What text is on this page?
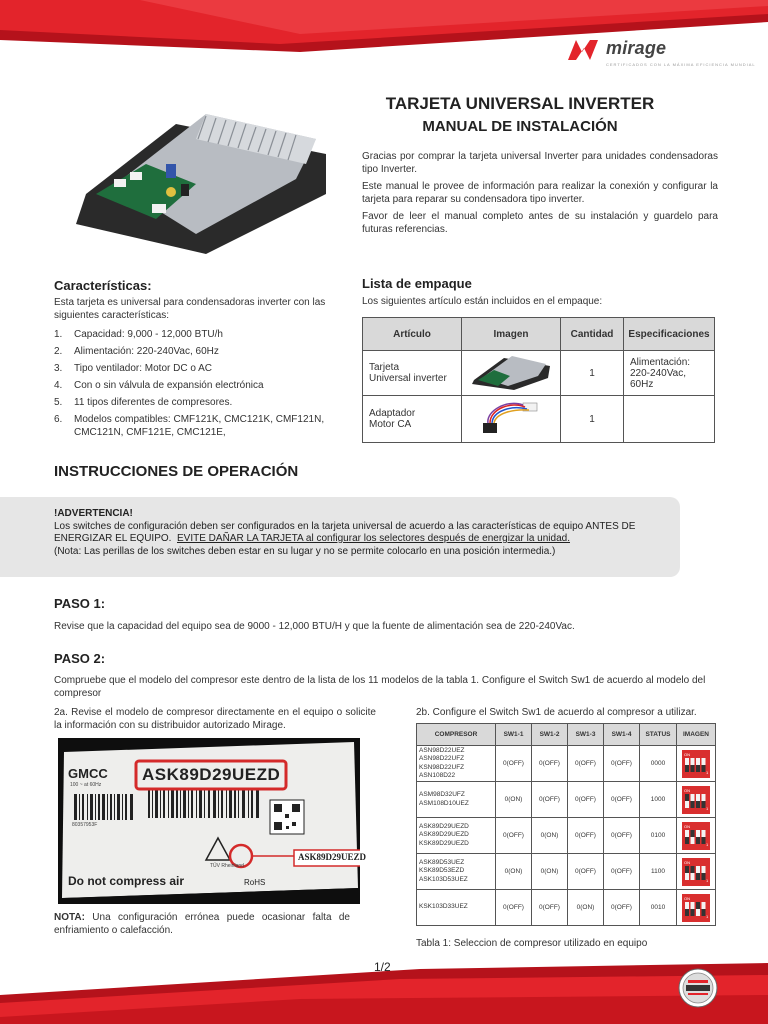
mirage
CERTIFICADOS CON LA MÁXIMA EFICIENCIA MUNDIAL
TARJETA UNIVERSAL INVERTER
MANUAL DE INSTALACIÓN

Gracias por comprar la tarjeta universal Inverter para unidades condensadoras tipo Inverter.

Este manual le provee de información para realizar la conexión y configurar la tarjeta para reparar su condensadora tipo inverter.

Favor de leer el manual completo antes de su instalación y guardelo para futuras referencias.

Características:
Esta tarjeta es universal para condensadoras inverter con las siguientes características:
1.	Capacidad: 9,000 - 12,000 BTU/h
2.	Alimentación: 220-240Vac, 60Hz
3.	Tipo ventilador: Motor DC o AC
4.	Con o sin válvula de expansión electrónica
5.	11 tipos diferentes de compresores.
6.	Modelos compatibles: CMF121K, CMC121K, CMF121N, CMC121N, CMF121E, CMC121E,
Lista de empaque
Los siguientes artículo están incluidos en el empaque:
Artículo	Imagen	Cantidad	Especificaciones
Tarjeta
Universal inverter		1	Alimentación:
220-240Vac, 60Hz
Adaptador
Motor CA		1	
INSTRUCCIONES DE OPERACIÓN
!ADVERTENCIA!
Los switches de configuración deben ser configurados en la tarjeta universal de acuerdo a las características de equipo ANTES DE
ENERGIZAR EL EQUIPO. EVITE DAÑAR LA TARJETA al configurar los selectores después de energizar la unidad.
(Nota: Las perillas de los switches deben estar en su lugar y no se permite colocarlo en una posición intermedia.)
PASO 1:
Revise que la capacidad del equipo sea de 9000 - 12,000 BTU/H y que la fuente de alimentación sea de 220-240Vac.
PASO 2:
Compruebe que el modelo del compresor este dentro de la lista de los 11 modelos de la tabla 1. Configure el Switch Sw1 de acuerdo al modelo del compresor
2a. Revise el modelo de compresor directamente en el equipo o solicite la información con su distribuidor autorizado Mirage.
2b. Configure el Switch Sw1 de acuerdo al compresor a utilizar.
GMCC ASK89D29UEZD
100 ~ at 60Hz
80357953F
TÜV Rheinland
RoHS
Do not compress air
ASK89D29UEZD
NOTA: Una configuración errónea puede ocasionar falta de enfriamiento o calefacción.
COMPRESOR	SW1-1	SW1-2	SW1-3	SW1-4	STATUS	IMAGEN
ASN98D22UEZ
ASN98D22UFZ
KSN98D22UFZ
ASN108D22	0(OFF)	0(OFF)	0(OFF)	0(OFF)	0000	ON
1

ASM98D32UFZ
ASM108D10UEZ	0(ON)	0(OFF)	0(OFF)	0(OFF)	1000	ON
1

ASK89D29UEZD
ASK89D29UEZD
KSK89D29UEZD	0(OFF)	0(ON)	0(OFF)	0(OFF)	0100	ON
1

ASK89D53UEZ
KSK89D53EZD
ASK103D53UEZ	0(ON)	0(ON)	0(OFF)	0(OFF)	1100	ON
1

KSK103D33UEZ	0(OFF)	0(OFF)	0(ON)	0(OFF)	0010	ON
1
Tabla 1: Seleccion de compresor utilizado en equipo
1/2
